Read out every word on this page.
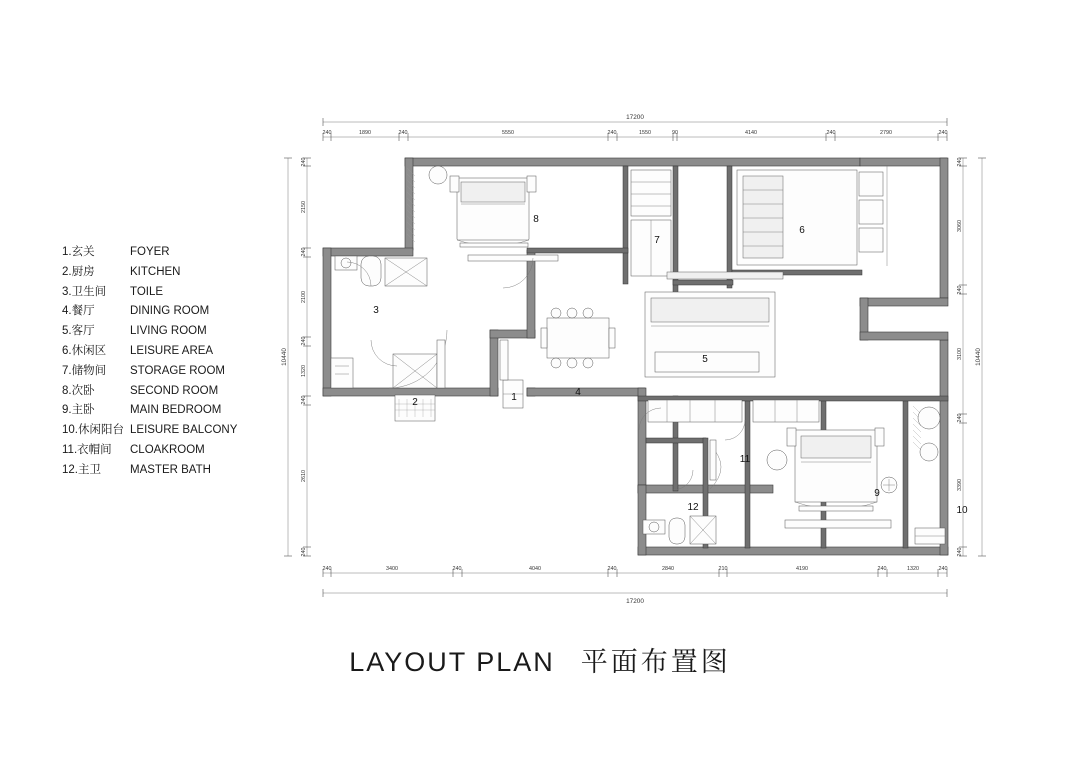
1.玄关	FOYER
2.厨房	KITCHEN
3.卫生间	TOILE
4.餐厅	DINING ROOM
5.客厅	LIVING ROOM
6.休闲区	LEISURE AREA
7.储物间	STORAGE ROOM
8.次卧	SECOND ROOM
9.主卧	MAIN BEDROOM
10.休闲阳台 LEISURE BALCONY
11.衣帽间	CLOAKROOM
12.主卫	MASTER BATH
17200
240	1890	240	5550	240	1550	90	4140	240	2790	240
17200
240	3400	240	4040	240	2840	210	4190	240	1320	240
10440
240
2150
240
2100
240
1320
240
2610
240
10440
240
3060
240
3100
240
3390
240
1
2
3
4
5
6
7
8
9
10
11
12
LAYOUT PLAN 平面布置图
